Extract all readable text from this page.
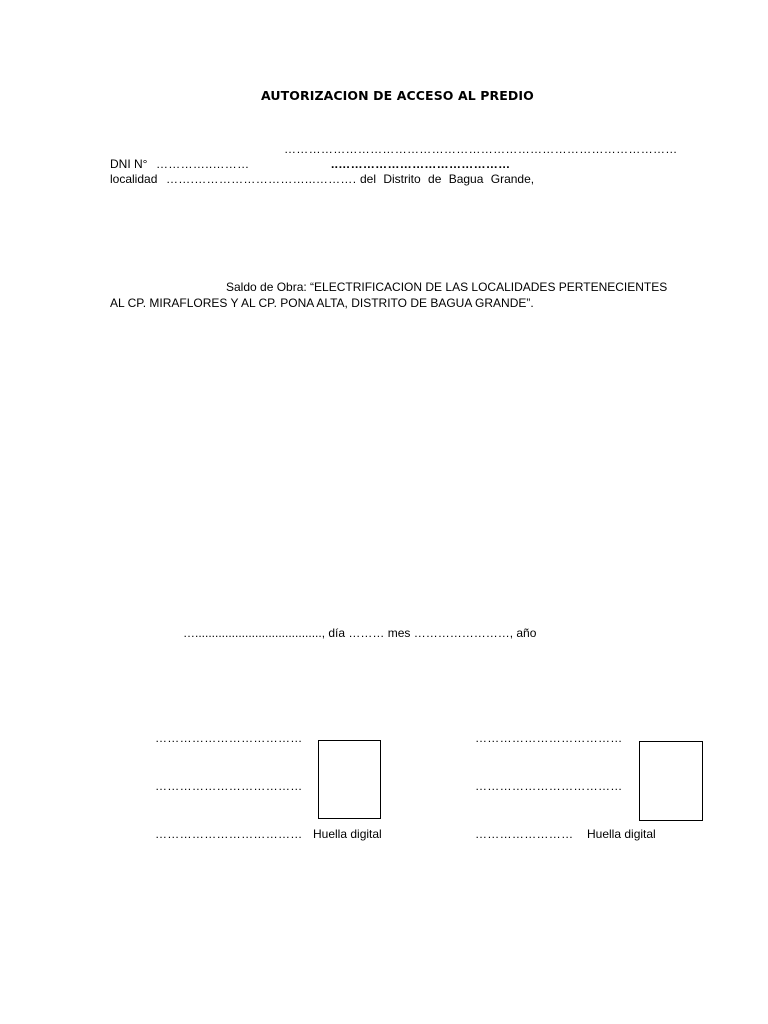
AUTORIZACION DE ACCESO AL PREDIO
……………………………………………………………………………………
DNI N° …………..………	..……………………………………
localidad …….………………………...………. del Distrito de Bagua Grande,
Saldo de Obra: “ELECTRIFICACION DE LAS LOCALIDADES PERTENECIENTES
AL CP. MIRAFLORES Y AL CP. PONA ALTA, DISTRITO DE BAGUA GRANDE”.
…......................................, día ……… mes ……………………, año
………………………………
………………………………
……………………………… Huella digital
………………………………
………………………………
…………………… Huella digital
